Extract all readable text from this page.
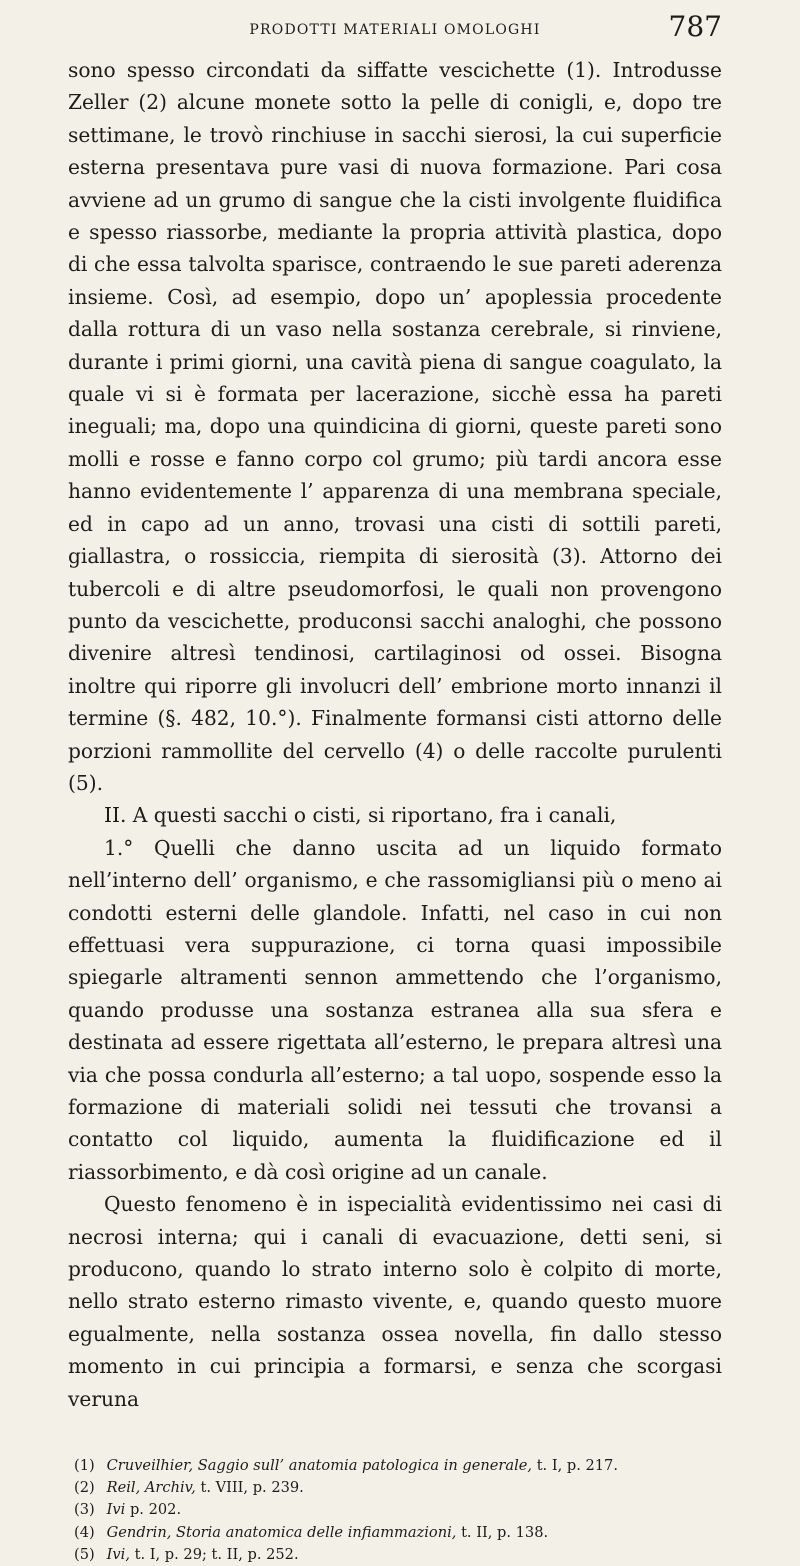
PRODOTTI MATERIALI OMOLOGHI	787

sono spesso circondati da siffatte vescichette (1). Introdusse Zeller (2) alcune monete sotto la pelle di conigli, e, dopo tre settimane, le trovò rinchiuse in sacchi sierosi, la cui superficie esterna presentava pure vasi di nuova formazione. Pari cosa avviene ad un grumo di sangue che la cisti involgente fluidifica e spesso riassorbe, mediante la propria attività plastica, dopo di che essa talvolta sparisce, contraendo le sue pareti aderenza insieme. Così, ad esempio, dopo un’ apoplessia procedente dalla rottura di un vaso nella sostanza cerebrale, si rinviene, durante i primi giorni, una cavità piena di sangue coagulato, la quale vi si è formata per lacerazione, sicchè essa ha pareti ineguali; ma, dopo una quindicina di giorni, queste pareti sono molli e rosse e fanno corpo col grumo; più tardi ancora esse hanno evidentemente l’ apparenza di una membrana speciale, ed in capo ad un anno, trovasi una cisti di sottili pareti, giallastra, o rossiccia, riempita di sierosità (3). Attorno dei tubercoli e di altre pseudomorfosi, le quali non provengono punto da vescichette, produconsi sacchi analoghi, che possono divenire altresì tendinosi, cartilaginosi od ossei. Bisogna inoltre qui riporre gli involucri dell’ embrione morto innanzi il termine (§. 482, 10.°). Finalmente formansi cisti attorno delle porzioni rammollite del cervello (4) o delle raccolte purulenti (5).

II. A questi sacchi o cisti, si riportano, fra i canali,

1.° Quelli che danno uscita ad un liquido formato nell’interno dell’ organismo, e che rassomigliansi più o meno ai condotti esterni delle glandole. Infatti, nel caso in cui non effettuasi vera suppurazione, ci torna quasi impossibile spiegarle altramenti sennon ammettendo che l’organismo, quando produsse una sostanza estranea alla sua sfera e destinata ad essere rigettata all’esterno, le prepara altresì una via che possa condurla all’esterno; a tal uopo, sospende esso la formazione di materiali solidi nei tessuti che trovansi a contatto col liquido, aumenta la fluidificazione ed il riassorbimento, e dà così origine ad un canale.

Questo fenomeno è in ispecialità evidentissimo nei casi di necrosi interna; qui i canali di evacuazione, detti seni, si producono, quando lo strato interno solo è colpito di morte, nello strato esterno rimasto vivente, e, quando questo muore egualmente, nella sostanza ossea novella, fin dallo stesso momento in cui principia a formarsi, e senza che scorgasi veruna

(1) Cruveilhier, Saggio sull’ anatomia patologica in generale, t. I, p. 217.

(2) Reil, Archiv, t. VIII, p. 239.

(3) Ivi p. 202.

(4) Gendrin, Storia anatomica delle infiammazioni, t. II, p. 138.

(5) Ivi, t. I, p. 29; t. II, p. 252.
